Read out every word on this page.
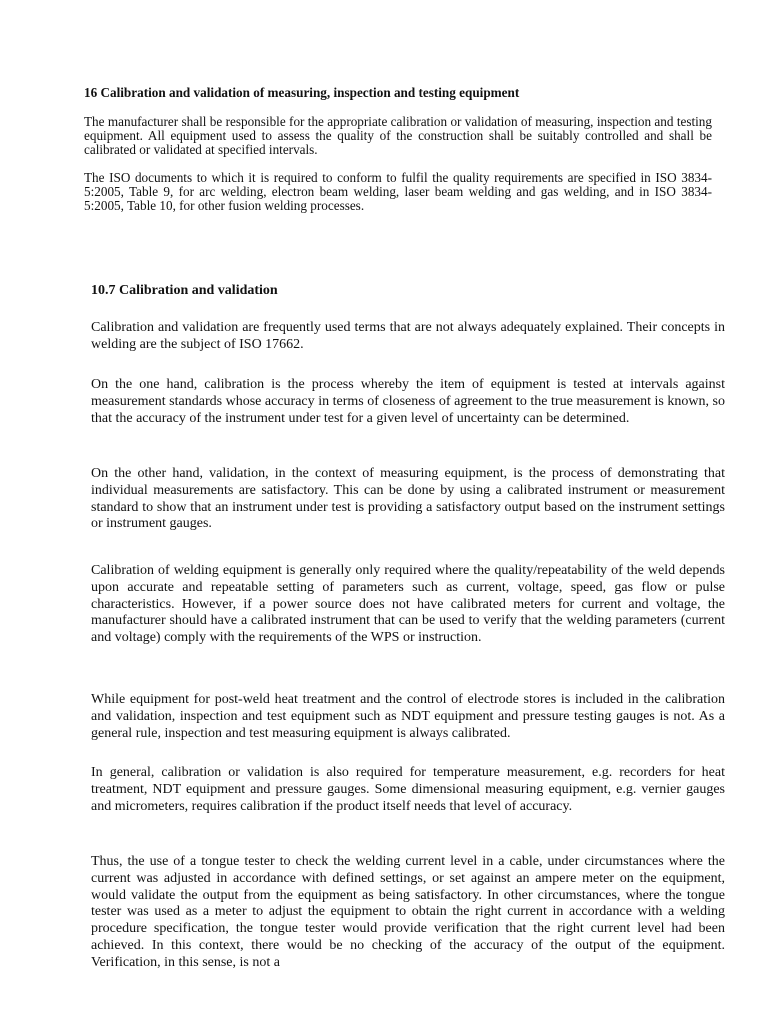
16 Calibration and validation of measuring, inspection and testing equipment

The manufacturer shall be responsible for the appropriate calibration or validation of measuring, inspection and testing equipment. All equipment used to assess the quality of the construction shall be suitably controlled and shall be calibrated or validated at specified intervals.

The ISO documents to which it is required to conform to fulfil the quality requirements are specified in ISO 3834-5:2005, Table 9, for arc welding, electron beam welding, laser beam welding and gas welding, and in ISO 3834-5:2005, Table 10, for other fusion welding processes.

10.7 Calibration and validation

Calibration and validation are frequently used terms that are not always adequately explained. Their concepts in welding are the subject of ISO 17662.

On the one hand, calibration is the process whereby the item of equipment is tested at intervals against measurement standards whose accuracy in terms of closeness of agreement to the true measurement is known, so that the accuracy of the instrument under test for a given level of uncertainty can be determined.

On the other hand, validation, in the context of measuring equipment, is the process of demonstrating that individual measurements are satisfactory. This can be done by using a calibrated instrument or measurement standard to show that an instrument under test is providing a satisfactory output based on the instrument settings or instrument gauges.

Calibration of welding equipment is generally only required where the quality/repeatability of the weld depends upon accurate and repeatable setting of parameters such as current, voltage, speed, gas flow or pulse characteristics. However, if a power source does not have calibrated meters for current and voltage, the manufacturer should have a calibrated instrument that can be used to verify that the welding parameters (current and voltage) comply with the requirements of the WPS or instruction.

While equipment for post-weld heat treatment and the control of electrode stores is included in the calibration and validation, inspection and test equipment such as NDT equipment and pressure testing gauges is not. As a general rule, inspection and test measuring equipment is always calibrated.

In general, calibration or validation is also required for temperature measurement, e.g. recorders for heat treatment, NDT equipment and pressure gauges. Some dimensional measuring equipment, e.g. vernier gauges and micrometers, requires calibration if the product itself needs that level of accuracy.

Thus, the use of a tongue tester to check the welding current level in a cable, under circumstances where the current was adjusted in accordance with defined settings, or set against an ampere meter on the equipment, would validate the output from the equipment as being satisfactory. In other circumstances, where the tongue tester was used as a meter to adjust the equipment to obtain the right current in accordance with a welding procedure specification, the tongue tester would provide verification that the right current level had been achieved. In this context, there would be no checking of the accuracy of the output of the equipment. Verification, in this sense, is not a
